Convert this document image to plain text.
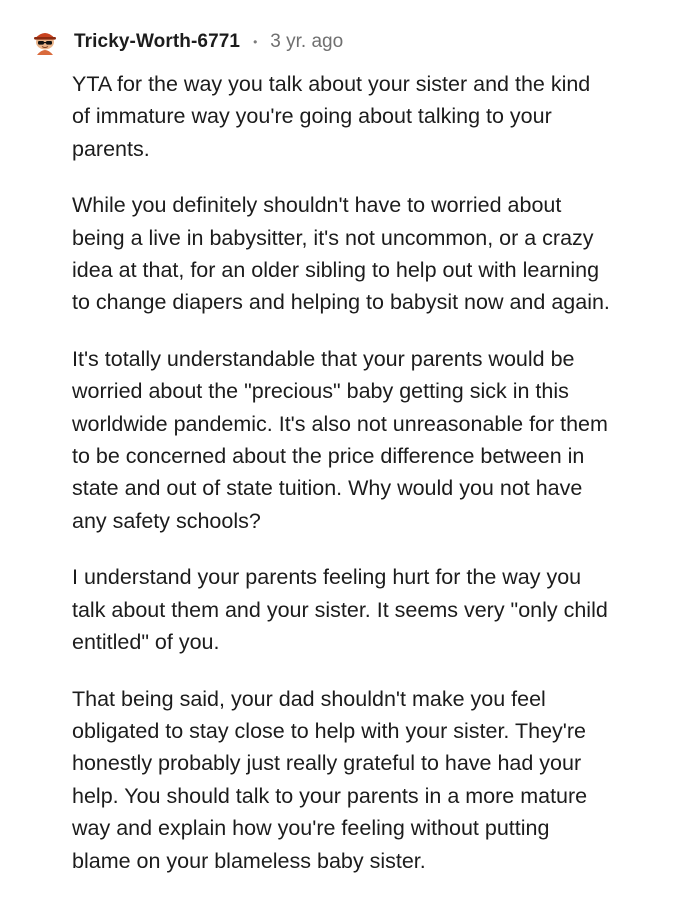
Tricky-Worth-6771 • 3 yr. ago

YTA for the way you talk about your sister and the kind
of immature way you're going about talking to your
parents.

While you definitely shouldn't have to worried about
being a live in babysitter, it's not uncommon, or a crazy
idea at that, for an older sibling to help out with learning
to change diapers and helping to babysit now and again.

It's totally understandable that your parents would be
worried about the "precious" baby getting sick in this
worldwide pandemic. It's also not unreasonable for them
to be concerned about the price difference between in
state and out of state tuition. Why would you not have
any safety schools?

I understand your parents feeling hurt for the way you
talk about them and your sister. It seems very "only child
entitled" of you.

That being said, your dad shouldn't make you feel
obligated to stay close to help with your sister. They're
honestly probably just really grateful to have had your
help. You should talk to your parents in a more mature
way and explain how you're feeling without putting
blame on your blameless baby sister.
